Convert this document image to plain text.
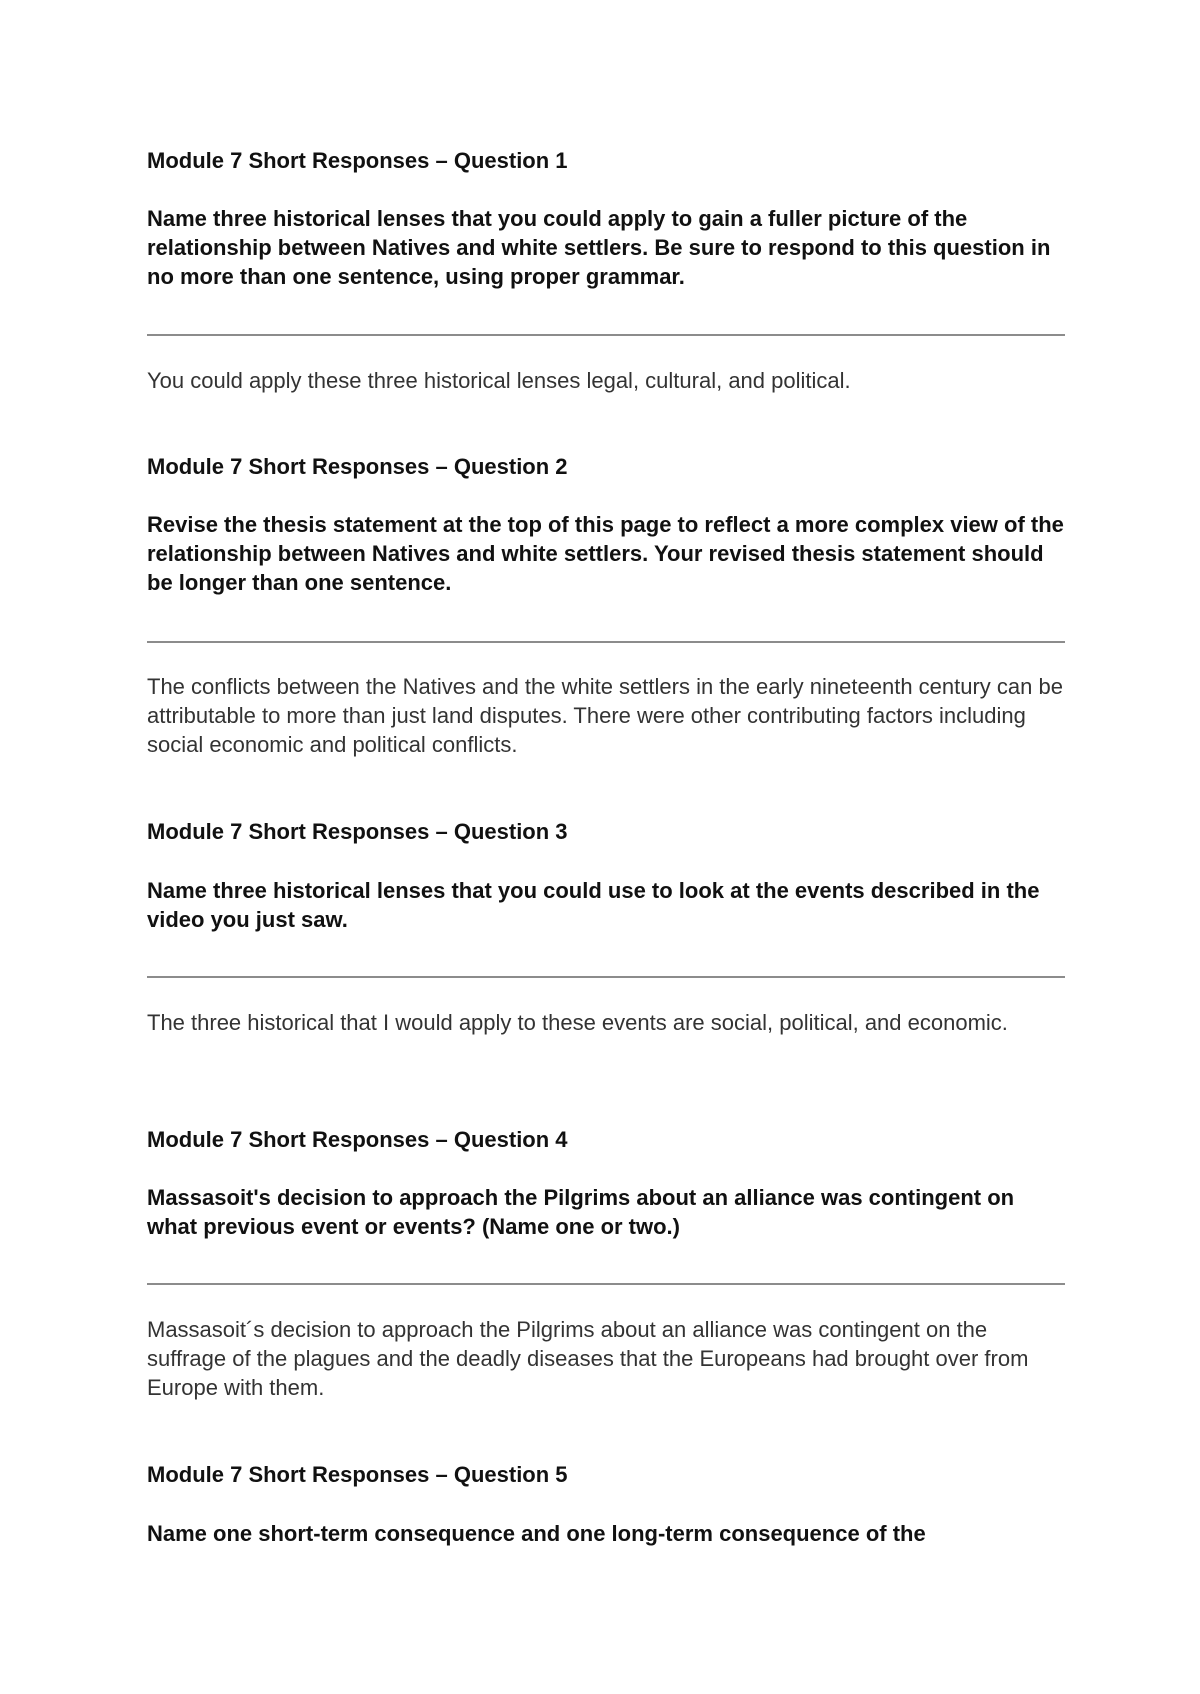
Module 7 Short Responses – Question 1
Name three historical lenses that you could apply to gain a fuller picture of the relationship between Natives and white settlers. Be sure to respond to this question in no more than one sentence, using proper grammar.
You could apply these three historical lenses legal, cultural, and political.
Module 7 Short Responses – Question 2
Revise the thesis statement at the top of this page to reflect a more complex view of the relationship between Natives and white settlers. Your revised thesis statement should be longer than one sentence.
The conflicts between the Natives and the white settlers in the early nineteenth century can be attributable to more than just land disputes. There were other contributing factors including social economic and political conflicts.
Module 7 Short Responses – Question 3
Name three historical lenses that you could use to look at the events described in the video you just saw.
The three historical that I would apply to these events are social, political, and economic.
Module 7 Short Responses – Question 4
Massasoit's decision to approach the Pilgrims about an alliance was contingent on what previous event or events? (Name one or two.)
Massasoit´s decision to approach the Pilgrims about an alliance was contingent on the suffrage of the plagues and the deadly diseases that the Europeans had brought over from Europe with them.
Module 7 Short Responses – Question 5
Name one short-term consequence and one long-term consequence of the
